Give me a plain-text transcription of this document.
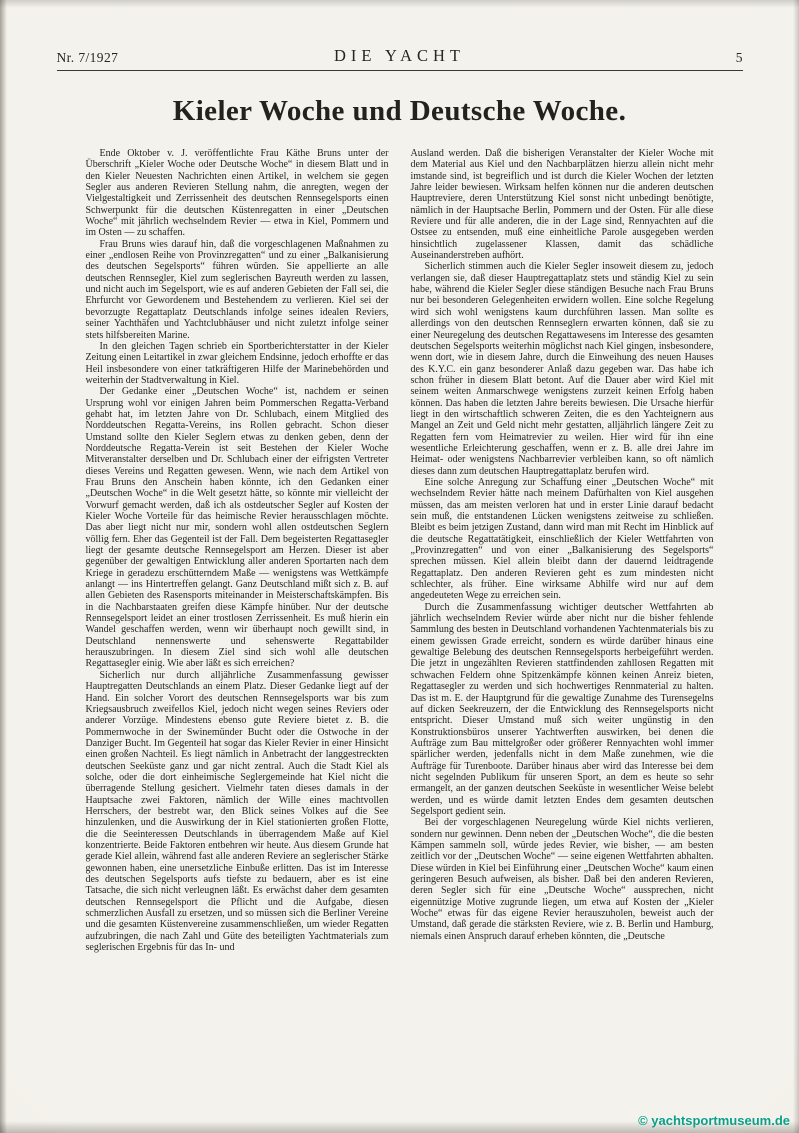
Nr. 7/1927	DIE YACHT	5
Kieler Woche und Deutsche Woche.

Ende Oktober v. J. veröffentlichte Frau Käthe Bruns unter der Überschrift „Kieler Woche oder Deutsche Woche“ in diesem Blatt und in den Kieler Neuesten Nachrichten einen Artikel, in welchem sie gegen Segler aus anderen Revieren Stellung nahm, die anregten, wegen der Vielgestaltigkeit und Zerrissenheit des deutschen Rennsegelsports einen Schwerpunkt für die deutschen Küstenregatten in einer „Deutschen Woche“ mit jährlich wechselndem Revier — etwa in Kiel, Pommern und im Osten — zu schaffen.

Frau Bruns wies darauf hin, daß die vorgeschlagenen Maßnahmen zu einer „endlosen Reihe von Provinzregatten“ und zu einer „Balkanisierung des deutschen Segelsports“ führen würden. Sie appellierte an alle deutschen Rennsegler, Kiel zum seglerischen Bayreuth werden zu lassen, und nicht auch im Segelsport, wie es auf anderen Gebieten der Fall sei, die Ehrfurcht vor Gewordenem und Bestehendem zu verlieren. Kiel sei der bevorzugte Regattaplatz Deutschlands infolge seines idealen Reviers, seiner Yachthäfen und Yachtclubhäuser und nicht zuletzt infolge seiner stets hilfsbereiten Marine.

In den gleichen Tagen schrieb ein Sportberichterstatter in der Kieler Zeitung einen Leitartikel in zwar gleichem Endsinne, jedoch erhoffte er das Heil insbesondere von einer tatkräftigeren Hilfe der Marinebehörden und weiterhin der Stadtverwaltung in Kiel.

Der Gedanke einer „Deutschen Woche“ ist, nachdem er seinen Ursprung wohl vor einigen Jahren beim Pommerschen Regatta-Verband gehabt hat, im letzten Jahre von Dr. Schlubach, einem Mitglied des Norddeutschen Regatta-Vereins, ins Rollen gebracht. Schon dieser Umstand sollte den Kieler Seglern etwas zu denken geben, denn der Norddeutsche Regatta-Verein ist seit Bestehen der Kieler Woche Mitveranstalter derselben und Dr. Schlubach einer der eifrigsten Vertreter dieses Vereins und Regatten gewesen. Wenn, wie nach dem Artikel von Frau Bruns den Anschein haben könnte, ich den Gedanken einer „Deutschen Woche“ in die Welt gesetzt hätte, so könnte mir vielleicht der Vorwurf gemacht werden, daß ich als ostdeutscher Segler auf Kosten der Kieler Woche Vorteile für das heimische Revier herausschlagen möchte. Das aber liegt nicht nur mir, sondern wohl allen ostdeutschen Seglern völlig fern. Eher das Gegenteil ist der Fall. Dem begeisterten Regattasegler liegt der gesamte deutsche Rennsegelsport am Herzen. Dieser ist aber gegenüber der gewaltigen Entwicklung aller anderen Sportarten nach dem Kriege in geradezu erschütterndem Maße — wenigstens was Wettkämpfe anlangt — ins Hintertreffen gelangt. Ganz Deutschland mißt sich z. B. auf allen Gebieten des Rasensports miteinander in Meisterschaftskämpfen. Bis in die Nachbarstaaten greifen diese Kämpfe hinüber. Nur der deutsche Rennsegelsport leidet an einer trostlosen Zerrissenheit. Es muß hierin ein Wandel geschaffen werden, wenn wir überhaupt noch gewillt sind, in Deutschland nennenswerte und sehenswerte Regattabilder herauszubringen. In diesem Ziel sind sich wohl alle deutschen Regattasegler einig. Wie aber läßt es sich erreichen?

Sicherlich nur durch alljährliche Zusammenfassung gewisser Hauptregatten Deutschlands an einem Platz. Dieser Gedanke liegt auf der Hand. Ein solcher Vorort des deutschen Rennsegelsports war bis zum Kriegsausbruch zweifellos Kiel, jedoch nicht wegen seines Reviers oder anderer Vorzüge. Mindestens ebenso gute Reviere bietet z. B. die Pommernwoche in der Swinemünder Bucht oder die Ostwoche in der Danziger Bucht. Im Gegenteil hat sogar das Kieler Revier in einer Hinsicht einen großen Nachteil. Es liegt nämlich in Anbetracht der langgestreckten deutschen Seeküste ganz und gar nicht zentral. Auch die Stadt Kiel als solche, oder die dort einheimische Seglergemeinde hat Kiel nicht die überragende Stellung gesichert. Vielmehr taten dieses damals in der Hauptsache zwei Faktoren, nämlich der Wille eines machtvollen Herrschers, der bestrebt war, den Blick seines Volkes auf die See hinzulenken, und die Auswirkung der in Kiel stationierten großen Flotte, die die Seeinteressen Deutschlands in überragendem Maße auf Kiel konzentrierte. Beide Faktoren entbehren wir heute. Aus diesem Grunde hat gerade Kiel allein, während fast alle anderen Reviere an seglerischer Stärke gewonnen haben, eine unersetzliche Einbuße erlitten. Das ist im Interesse des deutschen Segelsports aufs tiefste zu bedauern, aber es ist eine Tatsache, die sich nicht verleugnen läßt. Es erwächst daher dem gesamten deutschen Rennsegelsport die Pflicht und die Aufgabe, diesen schmerzlichen Ausfall zu ersetzen, und so müssen sich die Berliner Vereine und die gesamten Küstenvereine zusammenschließen, um wieder Regatten aufzubringen, die nach Zahl und Güte des beteiligten Yachtmaterials zum seglerischen Ergebnis für das In- und

Ausland werden. Daß die bisherigen Veranstalter der Kieler Woche mit dem Material aus Kiel und den Nachbarplätzen hierzu allein nicht mehr imstande sind, ist begreiflich und ist durch die Kieler Wochen der letzten Jahre leider bewiesen. Wirksam helfen können nur die anderen deutschen Hauptreviere, deren Unterstützung Kiel sonst nicht unbedingt benötigte, nämlich in der Hauptsache Berlin, Pommern und der Osten. Für alle diese Reviere und für alle anderen, die in der Lage sind, Rennyachten auf die Ostsee zu entsenden, muß eine einheitliche Parole ausgegeben werden hinsichtlich zugelassener Klassen, damit das schädliche Auseinanderstreben aufhört.

Sicherlich stimmen auch die Kieler Segler insoweit diesem zu, jedoch verlangen sie, daß dieser Hauptregattaplatz stets und ständig Kiel zu sein habe, während die Kieler Segler diese ständigen Besuche nach Frau Bruns nur bei besonderen Gelegenheiten erwidern wollen. Eine solche Regelung wird sich wohl wenigstens kaum durchführen lassen. Man sollte es allerdings von den deutschen Rennseglern erwarten können, daß sie zu einer Neuregelung des deutschen Regattawesens im Interesse des gesamten deutschen Segelsports weiterhin möglichst nach Kiel gingen, insbesondere, wenn dort, wie in diesem Jahre, durch die Einweihung des neuen Hauses des K.Y.C. ein ganz besonderer Anlaß dazu gegeben war. Das habe ich schon früher in diesem Blatt betont. Auf die Dauer aber wird Kiel mit seinem weiten Anmarschwege wenigstens zurzeit keinen Erfolg haben können. Das haben die letzten Jahre bereits bewiesen. Die Ursache hierfür liegt in den wirtschaftlich schweren Zeiten, die es den Yachteignern aus Mangel an Zeit und Geld nicht mehr gestatten, alljährlich längere Zeit zu Regatten fern vom Heimatrevier zu weilen. Hier wird für ihn eine wesentliche Erleichterung geschaffen, wenn er z. B. alle drei Jahre im Heimat- oder wenigstens Nachbarrevier verbleiben kann, so oft nämlich dieses dann zum deutschen Hauptregattaplatz berufen wird.

Eine solche Anregung zur Schaffung einer „Deutschen Woche“ mit wechselndem Revier hätte nach meinem Dafürhalten von Kiel ausgehen müssen, das am meisten verloren hat und in erster Linie darauf bedacht sein muß, die entstandenen Lücken wenigstens zeitweise zu schließen. Bleibt es beim jetzigen Zustand, dann wird man mit Recht im Hinblick auf die deutsche Regattatätigkeit, einschließlich der Kieler Wettfahrten von „Provinzregatten“ und von einer „Balkanisierung des Segelsports“ sprechen müssen. Kiel allein bleibt dann der dauernd leidtragende Regattaplatz. Den anderen Revieren geht es zum mindesten nicht schlechter, als früher. Eine wirksame Abhilfe wird nur auf dem angedeuteten Wege zu erreichen sein.

Durch die Zusammenfassung wichtiger deutscher Wettfahrten ab jährlich wechselndem Revier würde aber nicht nur die bisher fehlende Sammlung des besten in Deutschland vorhandenen Yachtenmaterials bis zu einem gewissen Grade erreicht, sondern es würde darüber hinaus eine gewaltige Belebung des deutschen Rennsegelsports herbeigeführt werden. Die jetzt in ungezählten Revieren stattfindenden zahllosen Regatten mit schwachen Feldern ohne Spitzenkämpfe können keinen Anreiz bieten, Regattasegler zu werden und sich hochwertiges Rennmaterial zu halten. Das ist m. E. der Hauptgrund für die gewaltige Zunahme des Turensegelns auf dicken Seekreuzern, der die Entwicklung des Rennsegelsports nicht entspricht. Dieser Umstand muß sich weiter ungünstig in den Konstruktionsbüros unserer Yachtwerften auswirken, bei denen die Aufträge zum Bau mittelgroßer oder größerer Rennyachten wohl immer spärlicher werden, jedenfalls nicht in dem Maße zunehmen, wie die Aufträge für Turenboote. Darüber hinaus aber wird das Interesse bei dem nicht segelnden Publikum für unseren Sport, an dem es heute so sehr ermangelt, an der ganzen deutschen Seeküste in wesentlicher Weise belebt werden, und es würde damit letzten Endes dem gesamten deutschen Segelsport gedient sein.

Bei der vorgeschlagenen Neuregelung würde Kiel nichts verlieren, sondern nur gewinnen. Denn neben der „Deutschen Woche“, die die besten Kämpen sammeln soll, würde jedes Revier, wie bisher, — am besten zeitlich vor der „Deutschen Woche“ — seine eigenen Wettfahrten abhalten. Diese würden in Kiel bei Einführung einer „Deutschen Woche“ kaum einen geringeren Besuch aufweisen, als bisher. Daß bei den anderen Revieren, deren Segler sich für eine „Deutsche Woche“ aussprechen, nicht eigennützige Motive zugrunde liegen, um etwa auf Kosten der „Kieler Woche“ etwas für das eigene Revier herauszuholen, beweist auch der Umstand, daß gerade die stärksten Reviere, wie z. B. Berlin und Hamburg, niemals einen Anspruch darauf erheben könnten, die „Deutsche

© yachtsportmuseum.de
